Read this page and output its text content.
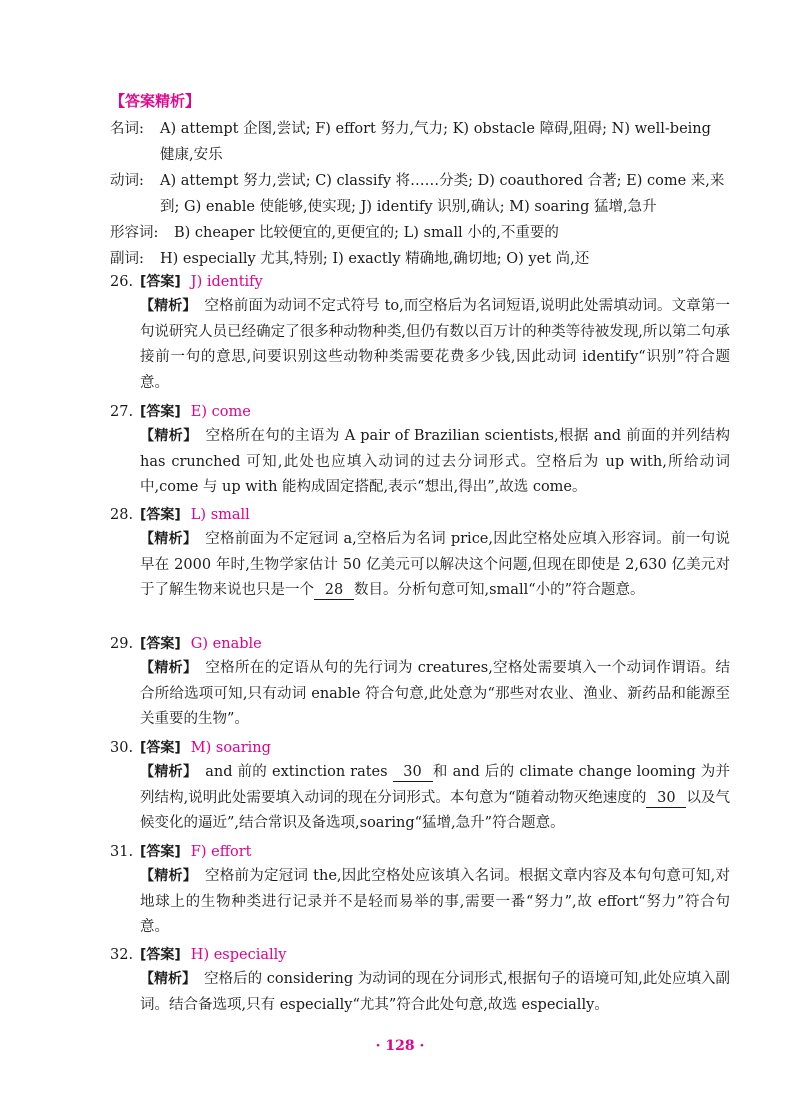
【答案精析】
名词: A) attempt 企图,尝试; F) effort 努力,气力; K) obstacle 障碍,阻碍; N) well-being 健康,安乐
动词: A) attempt 努力,尝试; C) classify 将……分类; D) coauthored 合著; E) come 来,来到; G) enable 使能够,使实现; J) identify 识别,确认; M) soaring 猛增,急升
形容词: B) cheaper 比较便宜的,更便宜的; L) small 小的,不重要的
副词: H) especially 尤其,特别; I) exactly 精确地,确切地; O) yet 尚,还
26. [答案] J) identify
【精析】 空格前面为动词不定式符号 to,而空格后为名词短语,说明此处需填动词。文章第一句说研究人员已经确定了很多种动物种类,但仍有数以百万计的种类等待被发现,所以第二句承接前一句的意思,问要识别这些动物种类需要花费多少钱,因此动词 identify“识别”符合题意。
27. [答案] E) come
【精析】 空格所在句的主语为 A pair of Brazilian scientists,根据 and 前面的并列结构 has crunched 可知,此处也应填入动词的过去分词形式。空格后为 up with,所给动词中,come 与 up with 能构成固定搭配,表示“想出,得出”,故选 come。
28. [答案] L) small
【精析】 空格前面为不定冠词 a,空格后为名词 price,因此空格处应填入形容词。前一句说早在 2000 年时,生物学家估计 50 亿美元可以解决这个问题,但现在即使是 2,630 亿美元对于了解生物来说也只是一个 28 数目。分析句意可知,small“小的”符合题意。
29. [答案] G) enable
【精析】 空格所在的定语从句的先行词为 creatures,空格处需要填入一个动词作谓语。结合所给选项可知,只有动词 enable 符合句意,此处意为“那些对农业、渔业、新药品和能源至关重要的生物”。
30. [答案] M) soaring
【精析】 and 前的 extinction rates 30 和 and 后的 climate change looming 为并列结构,说明此处需要填入动词的现在分词形式。本句意为“随着动物灭绝速度的 30 以及气候变化的逼近”,结合常识及备选项,soaring“猛增,急升”符合题意。
31. [答案] F) effort
【精析】 空格前为定冠词 the,因此空格处应该填入名词。根据文章内容及本句句意可知,对地球上的生物种类进行记录并不是轻而易举的事,需要一番“努力”,故 effort“努力”符合句意。
32. [答案] H) especially
【精析】 空格后的 considering 为动词的现在分词形式,根据句子的语境可知,此处应填入副词。结合备选项,只有 especially“尤其”符合此处句意,故选 especially。
· 128 ·
